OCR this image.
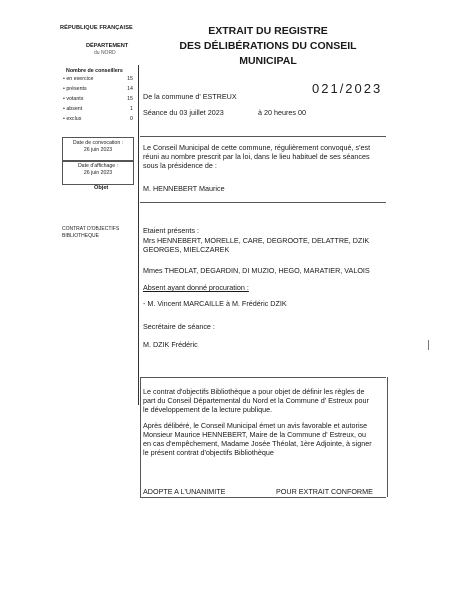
RÉPUBLIQUE FRANÇAISE
DÉPARTEMENT
du NORD
EXTRAIT DU REGISTRE
DES DÉLIBÉRATIONS DU CONSEIL
MUNICIPAL
Nombre de conseillers
• en exercice	15
• présents	14
• votants	15
• absent	1
• exclus	0
Date de convocation :
26 juin 2023
Date d'affichage :
26 juin 2023
Objet
CONTRAT D'OBJECTIFS BIBLIOTHEQUE
021/2023
De la commune d' ESTREUX
Séance du 03 juillet 2023	à 20 heures 00
Le Conseil Municipal de cette commune, régulièrement convoqué, s'est
réuni au nombre prescrit par la loi, dans le lieu habituel de ses séances
sous la présidence de :
M. HENNEBERT Maurice
Etaient présents :
Mrs HENNEBERT, MORELLE, CARE, DEGROOTE, DELATTRE, DZIK
GEORGES, MIELCZAREK
Mmes THEOLAT, DEGARDIN, DI MUZIO, HEGO, MARATIER, VALOIS
Absent ayant donné procuration :
- M. Vincent MARCAILLE à M. Frédéric DZIK
Secrétaire de séance :
M. DZIK Frédéric
Le contrat d'objectifs Bibliothèque a pour objet de définir les règles de
part du Conseil Départemental du Nord et la Commune d' Estreux pour
le développement de la lecture publique.
Après délibéré, le Conseil Municipal émet un avis favorable et autorise
Monsieur Maurice HENNEBERT, Maire de la Commune d' Estreux, ou
en cas d'empêchement, Madame Josée Théolat, 1ère Adjointe, à signer
le présent contrat d'objectifs Bibliothèque
ADOPTE A L'UNANIMITE	POUR EXTRAIT CONFORME
